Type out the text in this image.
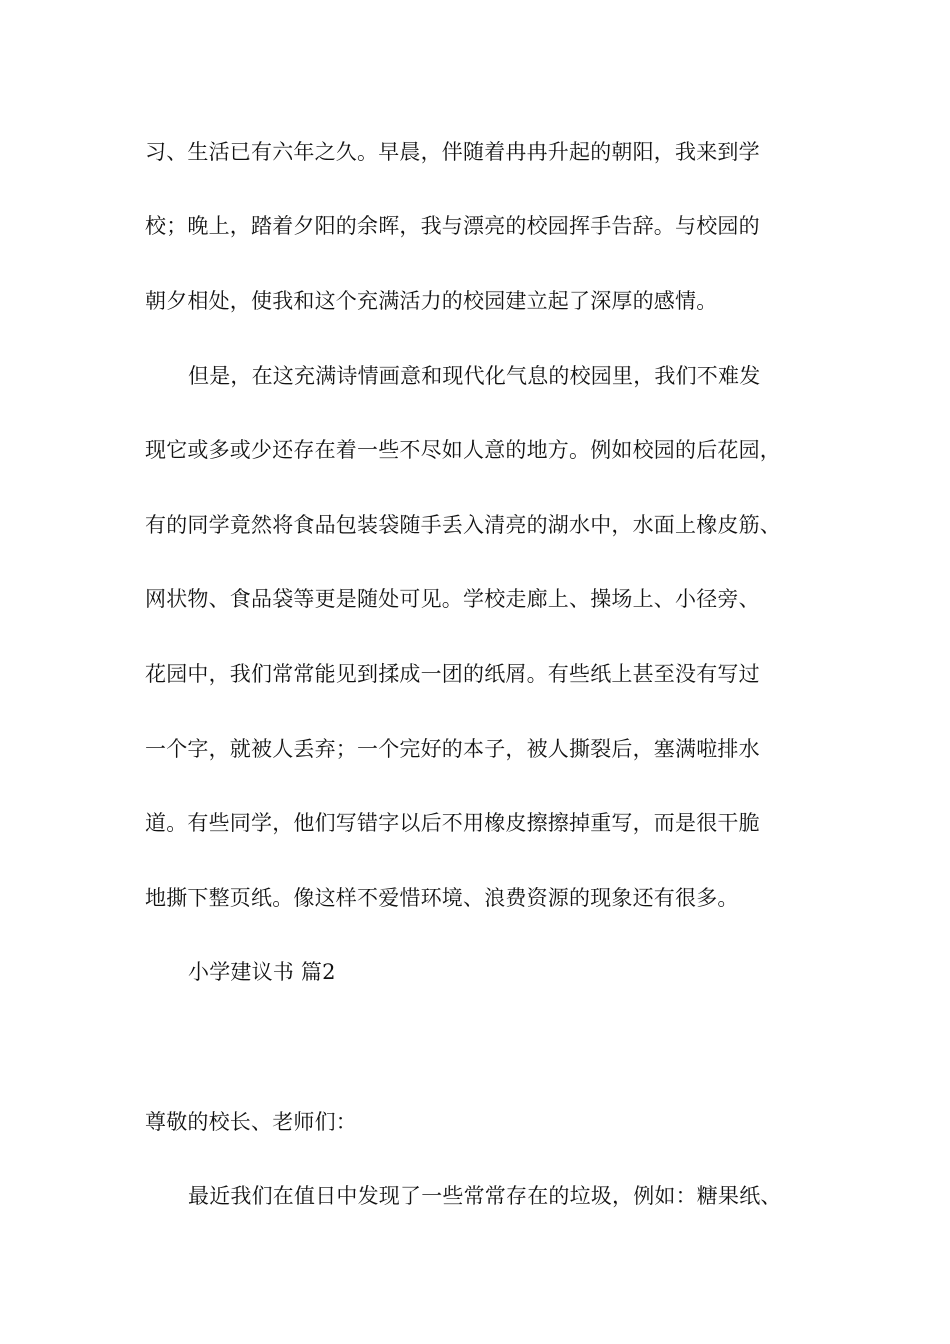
习、生活已有六年之久。早晨，伴随着冉冉升起的朝阳，我来到学
校；晚上，踏着夕阳的余晖，我与漂亮的校园挥手告辞。与校园的
朝夕相处，使我和这个充满活力的校园建立起了深厚的感情。
但是，在这充满诗情画意和现代化气息的校园里，我们不难发
现它或多或少还存在着一些不尽如人意的地方。例如校园的后花园，
有的同学竟然将食品包装袋随手丢入清亮的湖水中，水面上橡皮筋、
网状物、食品袋等更是随处可见。学校走廊上、操场上、小径旁、
花园中，我们常常能见到揉成一团的纸屑。有些纸上甚至没有写过
一个字，就被人丢弃；一个完好的本子，被人撕裂后，塞满啦排水
道。有些同学，他们写错字以后不用橡皮擦擦掉重写，而是很干脆
地撕下整页纸。像这样不爱惜环境、浪费资源的现象还有很多。
小学建议书 篇2
尊敬的校长、老师们：
最近我们在值日中发现了一些常常存在的垃圾，例如：糖果纸、
